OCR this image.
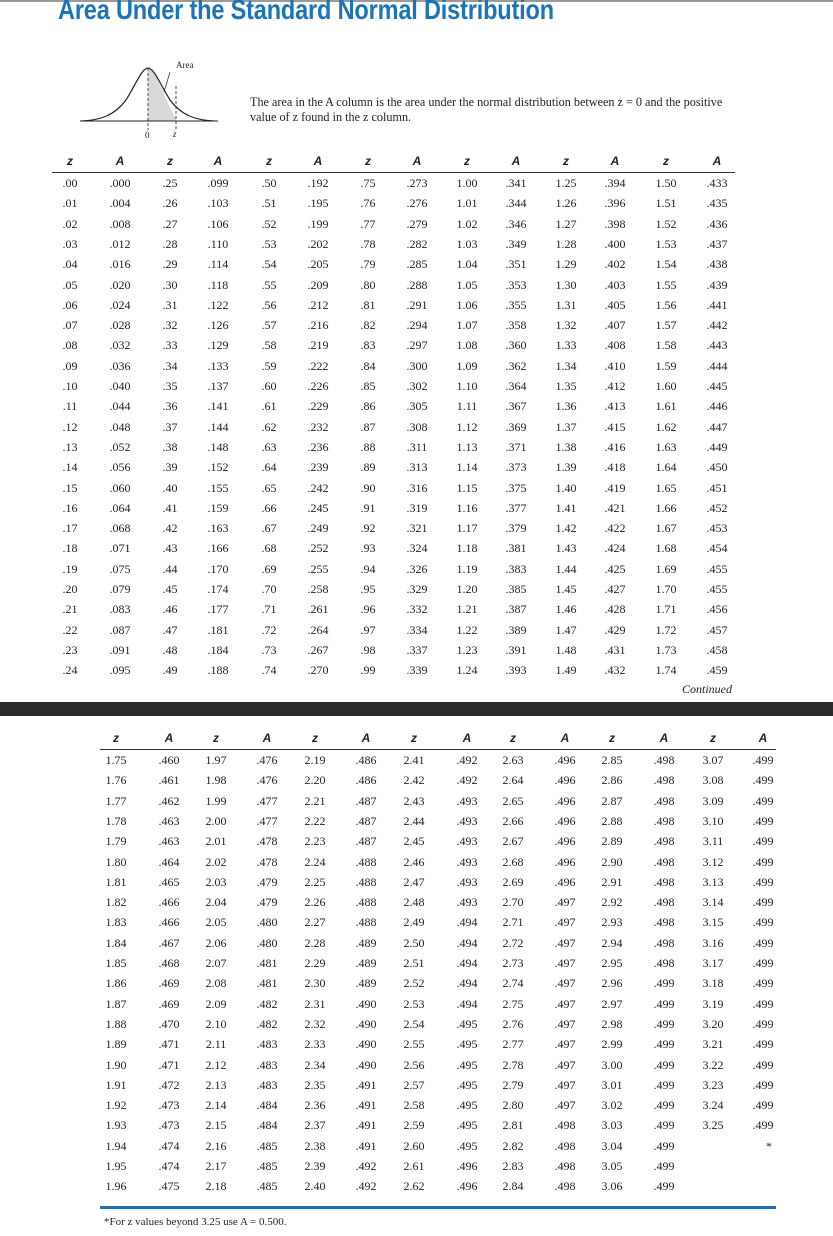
Area Under the Standard Normal Distribution
Area
0	z
The area in the A column is the area under the normal distribution between z = 0 and the positive value of z found in the z column.
z	A	z	A	z	A	z	A	z	A	z	A	z	A
.00	.000	.25	.099	.50	.192	.75	.273	1.00	.341	1.25	.394	1.50	.433
.01	.004	.26	.103	.51	.195	.76	.276	1.01	.344	1.26	.396	1.51	.435
.02	.008	.27	.106	.52	.199	.77	.279	1.02	.346	1.27	.398	1.52	.436
.03	.012	.28	.110	.53	.202	.78	.282	1.03	.349	1.28	.400	1.53	.437
.04	.016	.29	.114	.54	.205	.79	.285	1.04	.351	1.29	.402	1.54	.438
.05	.020	.30	.118	.55	.209	.80	.288	1.05	.353	1.30	.403	1.55	.439
.06	.024	.31	.122	.56	.212	.81	.291	1.06	.355	1.31	.405	1.56	.441
.07	.028	.32	.126	.57	.216	.82	.294	1.07	.358	1.32	.407	1.57	.442
.08	.032	.33	.129	.58	.219	.83	.297	1.08	.360	1.33	.408	1.58	.443
.09	.036	.34	.133	.59	.222	.84	.300	1.09	.362	1.34	.410	1.59	.444
.10	.040	.35	.137	.60	.226	.85	.302	1.10	.364	1.35	.412	1.60	.445
.11	.044	.36	.141	.61	.229	.86	.305	1.11	.367	1.36	.413	1.61	.446
.12	.048	.37	.144	.62	.232	.87	.308	1.12	.369	1.37	.415	1.62	.447
.13	.052	.38	.148	.63	.236	.88	.311	1.13	.371	1.38	.416	1.63	.449
.14	.056	.39	.152	.64	.239	.89	.313	1.14	.373	1.39	.418	1.64	.450
.15	.060	.40	.155	.65	.242	.90	.316	1.15	.375	1.40	.419	1.65	.451
.16	.064	.41	.159	.66	.245	.91	.319	1.16	.377	1.41	.421	1.66	.452
.17	.068	.42	.163	.67	.249	.92	.321	1.17	.379	1.42	.422	1.67	.453
.18	.071	.43	.166	.68	.252	.93	.324	1.18	.381	1.43	.424	1.68	.454
.19	.075	.44	.170	.69	.255	.94	.326	1.19	.383	1.44	.425	1.69	.455
.20	.079	.45	.174	.70	.258	.95	.329	1.20	.385	1.45	.427	1.70	.455
.21	.083	.46	.177	.71	.261	.96	.332	1.21	.387	1.46	.428	1.71	.456
.22	.087	.47	.181	.72	.264	.97	.334	1.22	.389	1.47	.429	1.72	.457
.23	.091	.48	.184	.73	.267	.98	.337	1.23	.391	1.48	.431	1.73	.458
.24	.095	.49	.188	.74	.270	.99	.339	1.24	.393	1.49	.432	1.74	.459
Continued
z	A	z	A	z	A	z	A	z	A	z	A	z	A
1.75	.460	1.97	.476	2.19	.486	2.41	.492	2.63	.496	2.85	.498	3.07	.499
1.76	.461	1.98	.476	2.20	.486	2.42	.492	2.64	.496	2.86	.498	3.08	.499
1.77	.462	1.99	.477	2.21	.487	2.43	.493	2.65	.496	2.87	.498	3.09	.499
1.78	.463	2.00	.477	2.22	.487	2.44	.493	2.66	.496	2.88	.498	3.10	.499
1.79	.463	2.01	.478	2.23	.487	2.45	.493	2.67	.496	2.89	.498	3.11	.499
1.80	.464	2.02	.478	2.24	.488	2.46	.493	2.68	.496	2.90	.498	3.12	.499
1.81	.465	2.03	.479	2.25	.488	2.47	.493	2.69	.496	2.91	.498	3.13	.499
1.82	.466	2.04	.479	2.26	.488	2.48	.493	2.70	.497	2.92	.498	3.14	.499
1.83	.466	2.05	.480	2.27	.488	2.49	.494	2.71	.497	2.93	.498	3.15	.499
1.84	.467	2.06	.480	2.28	.489	2.50	.494	2.72	.497	2.94	.498	3.16	.499
1.85	.468	2.07	.481	2.29	.489	2.51	.494	2.73	.497	2.95	.498	3.17	.499
1.86	.469	2.08	.481	2.30	.489	2.52	.494	2.74	.497	2.96	.499	3.18	.499
1.87	.469	2.09	.482	2.31	.490	2.53	.494	2.75	.497	2.97	.499	3.19	.499
1.88	.470	2.10	.482	2.32	.490	2.54	.495	2.76	.497	2.98	.499	3.20	.499
1.89	.471	2.11	.483	2.33	.490	2.55	.495	2.77	.497	2.99	.499	3.21	.499
1.90	.471	2.12	.483	2.34	.490	2.56	.495	2.78	.497	3.00	.499	3.22	.499
1.91	.472	2.13	.483	2.35	.491	2.57	.495	2.79	.497	3.01	.499	3.23	.499
1.92	.473	2.14	.484	2.36	.491	2.58	.495	2.80	.497	3.02	.499	3.24	.499
1.93	.473	2.15	.484	2.37	.491	2.59	.495	2.81	.498	3.03	.499	3.25	.499
1.94	.474	2.16	.485	2.38	.491	2.60	.495	2.82	.498	3.04	.499
1.95	.474	2.17	.485	2.39	.492	2.61	.496	2.83	.498	3.05	.499
1.96	.475	2.18	.485	2.40	.492	2.62	.496	2.84	.498	3.06	.499
*For z values beyond 3.25 use A = 0.500.
*
